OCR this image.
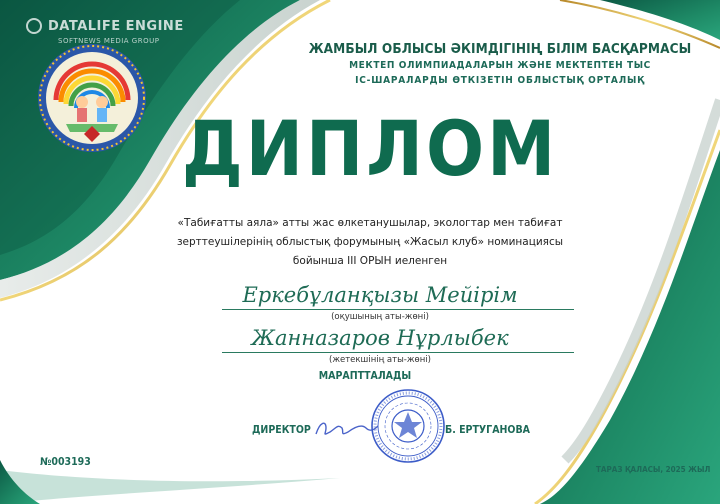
DATALIFE ENGINE
SOFTNEWS MEDIA GROUP	ЖАМБЫЛ ОБЛЫСЫ ӘКІМДІГІНІҢ БІЛІМ БАСҚАРМАСЫ
МЕКТЕП ОЛИМПИАДАЛАРЫН ЖӘНЕ МЕКТЕПТЕН ТЫС
ІС-ШАРАЛАРДЫ ӨТКІЗЕТІН ОБЛЫСТЫҚ ОРТАЛЫҚ
ДИПЛОМ
«Табиғатты аяла» атты жас өлкетанушылар, экологтар мен табиғат
зерттеушілерінің облыстық форумының «Жасыл клуб» номинациясы
бойынша III ОРЫН иеленген
Еркебұланқызы Мейірім
(оқушының аты-жөні)
Жанназаров Нұрлыбек
(жетекшінің аты-жөні)
МАРАПТТАЛАДЫ
ДИРЕКТОР	Б. ЕРТУГАНОВА
№003193
ТАРАЗ ҚАЛАСЫ, 2025 ЖЫЛ
